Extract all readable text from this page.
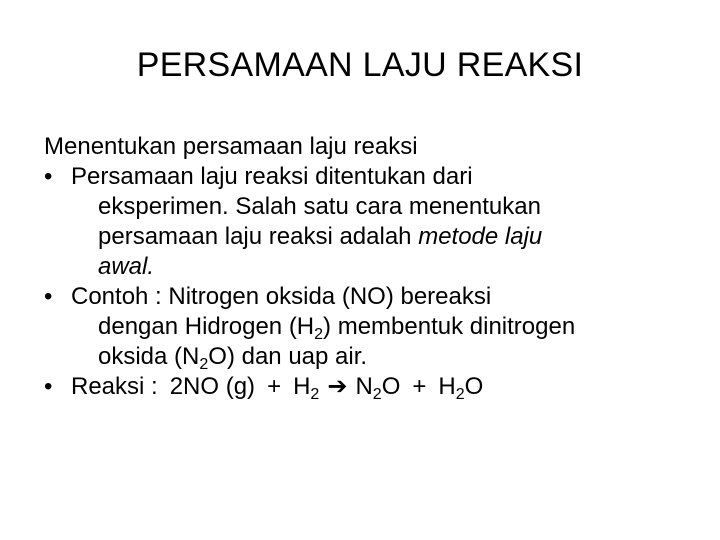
PERSAMAAN LAJU REAKSI

Menentukan persamaan laju reaksi

• Persamaan laju reaksi ditentukan dari
eksperimen. Salah satu cara menentukan
persamaan laju reaksi adalah metode laju
awal.
• Contoh : Nitrogen oksida (NO) bereaksi
dengan Hidrogen $(H_2)$ membentuk dinitrogen
oksida $(N_2O)$ dan uap air.
• Reaksi : 2NO $(g) + H_2$ ➔ $N_2O + H_2O$
